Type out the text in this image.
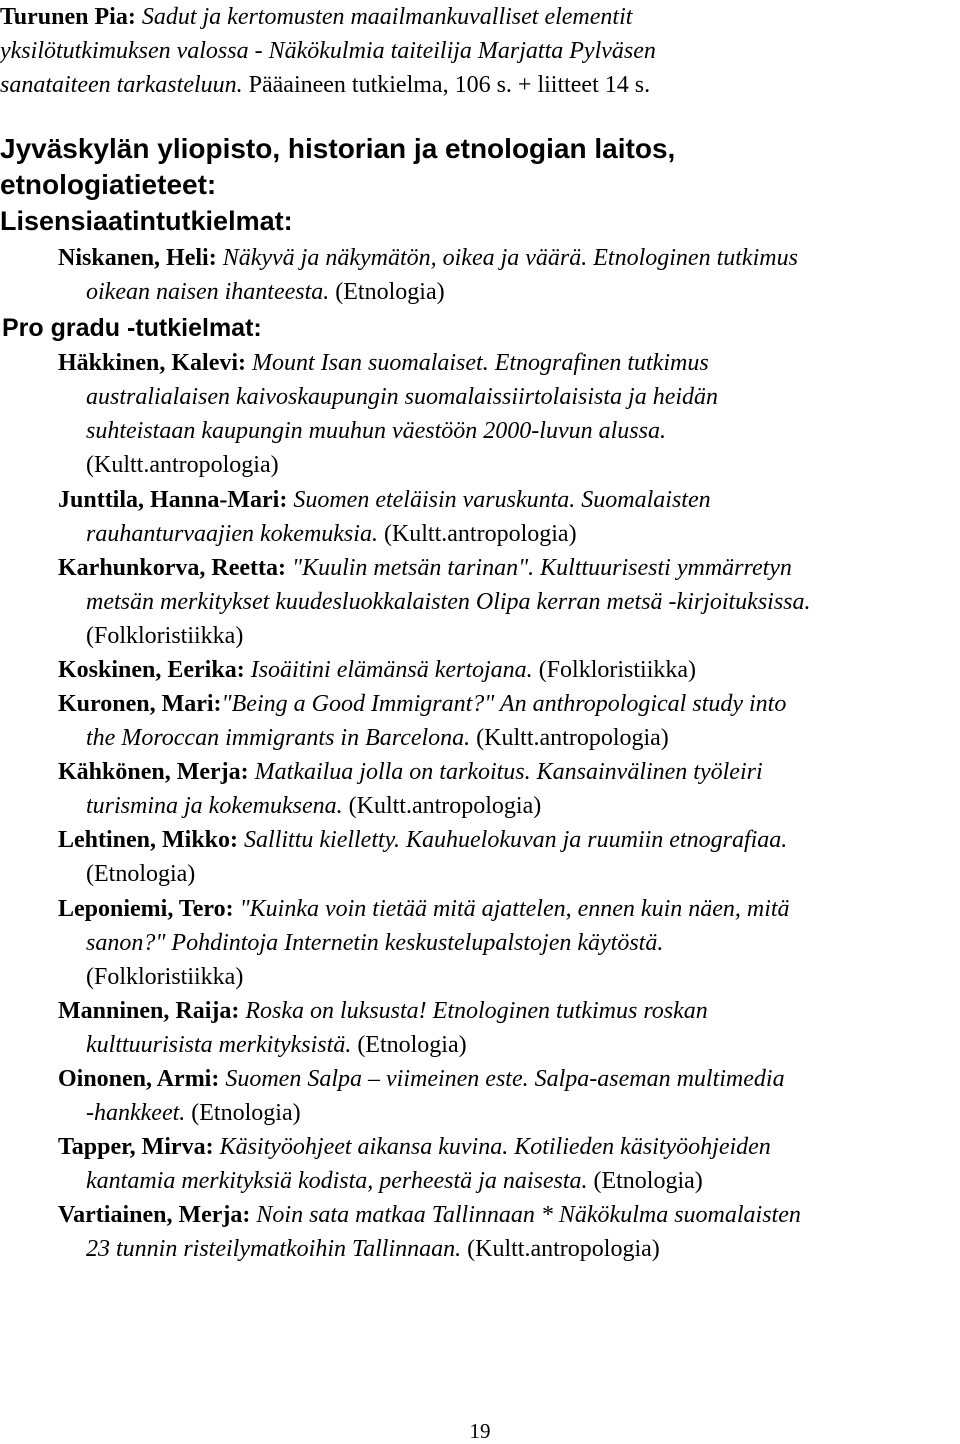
Turunen Pia: Sadut ja kertomusten maailmankuvalliset elementit
yksilötutkimuksen valossa - Näkökulmia taiteilija Marjatta Pylväsen
sanataiteen tarkasteluun. Pääaineen tutkielma, 106 s. + liitteet 14 s.
Jyväskylän yliopisto, historian ja etnologian laitos,
etnologiatieteet:
Lisensiaatintutkielmat:
Niskanen, Heli: Näkyvä ja näkymätön, oikea ja väärä. Etnologinen tutkimus
oikean naisen ihanteesta. (Etnologia)
Pro gradu -tutkielmat:
Häkkinen, Kalevi: Mount Isan suomalaiset. Etnografinen tutkimus
australialaisen kaivoskaupungin suomalaissiirtolaisista ja heidän
suhteistaan kaupungin muuhun väestöön 2000-luvun alussa.
(Kultt.antropologia)
Junttila, Hanna-Mari: Suomen eteläisin varuskunta. Suomalaisten
rauhanturvaajien kokemuksia. (Kultt.antropologia)
Karhunkorva, Reetta: "Kuulin metsän tarinan". Kulttuurisesti ymmärretyn
metsän merkitykset kuudesluokkalaisten Olipa kerran metsä -kirjoituksissa.
(Folkloristiikka)
Koskinen, Eerika: Isoäitini elämänsä kertojana. (Folkloristiikka)
Kuronen, Mari:"Being a Good Immigrant?" An anthropological study into
the Moroccan immigrants in Barcelona. (Kultt.antropologia)
Kähkönen, Merja: Matkailua jolla on tarkoitus. Kansainvälinen työleiri
turismina ja kokemuksena. (Kultt.antropologia)
Lehtinen, Mikko: Sallittu kielletty. Kauhuelokuvan ja ruumiin etnografiaa.
(Etnologia)
Leponiemi, Tero: "Kuinka voin tietää mitä ajattelen, ennen kuin näen, mitä
sanon?" Pohdintoja Internetin keskustelupalstojen käytöstä.
(Folkloristiikka)
Manninen, Raija: Roska on luksusta! Etnologinen tutkimus roskan
kulttuurisista merkityksistä. (Etnologia)
Oinonen, Armi: Suomen Salpa – viimeinen este. Salpa-aseman multimedia
-hankkeet. (Etnologia)
Tapper, Mirva: Käsityöohjeet aikansa kuvina. Kotilieden käsityöohjeiden
kantamia merkityksiä kodista, perheestä ja naisesta. (Etnologia)
Vartiainen, Merja: Noin sata matkaa Tallinnaan * Näkökulma suomalaisten
23 tunnin risteilymatkoihin Tallinnaan. (Kultt.antropologia)
19
